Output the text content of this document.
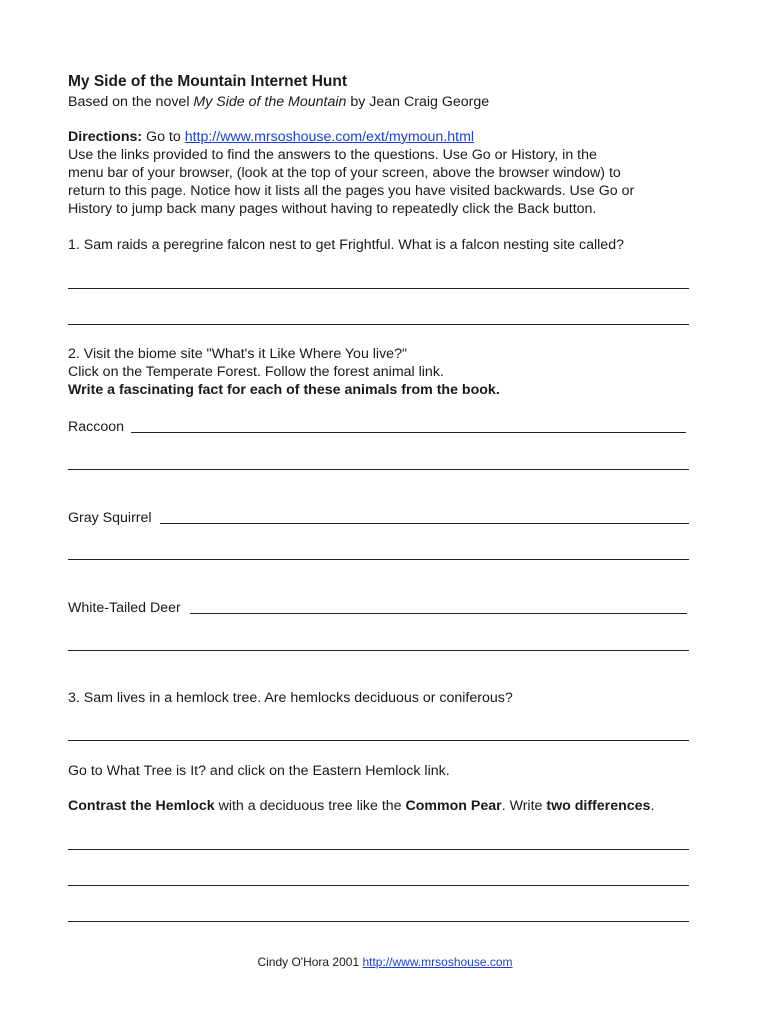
My Side of the Mountain Internet Hunt
Based on the novel My Side of the Mountain by Jean Craig George
Directions: Go to http://www.mrsoshouse.com/ext/mymoun.html
Use the links provided to find the answers to the questions. Use Go or History, in the
menu bar of your browser, (look at the top of your screen, above the browser window) to
return to this page. Notice how it lists all the pages you have visited backwards. Use Go or
History to jump back many pages without having to repeatedly click the Back button.
1. Sam raids a peregrine falcon nest to get Frightful. What is a falcon nesting site called?
2. Visit the biome site "What's it Like Where You live?"
Click on the Temperate Forest. Follow the forest animal link.
Write a fascinating fact for each of these animals from the book.
Raccoon
Gray Squirrel
White-Tailed Deer
3. Sam lives in a hemlock tree. Are hemlocks deciduous or coniferous?
Go to What Tree is It? and click on the Eastern Hemlock link.
Contrast the Hemlock with a deciduous tree like the Common Pear. Write two differences.
Cindy O'Hora 2001 http://www.mrsoshouse.com
